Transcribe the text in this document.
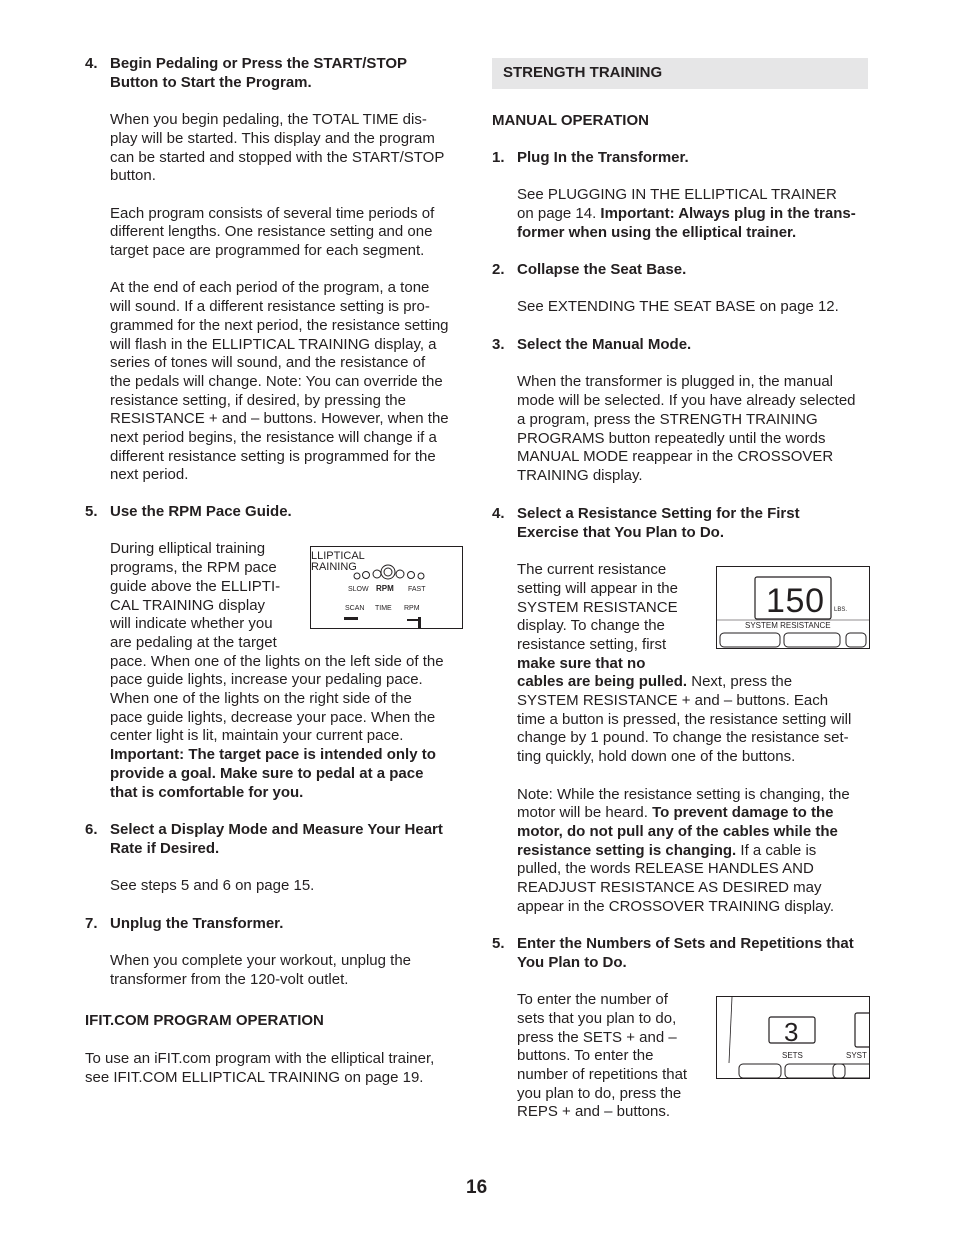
4. Begin Pedaling or Press the START/STOP

Button to Start the Program.

When you begin pedaling, the TOTAL TIME dis-

play will be started. This display and the program

can be started and stopped with the START/STOP

button.

Each program consists of several time periods of

different lengths. One resistance setting and one

target pace are programmed for each segment.

At the end of each period of the program, a tone

will sound. If a different resistance setting is pro-

grammed for the next period, the resistance setting

will flash in the ELLIPTICAL TRAINING display, a

series of tones will sound, and the resistance of

the pedals will change. Note: You can override the

resistance setting, if desired, by pressing the

RESISTANCE + and – buttons. However, when the

next period begins, the resistance will change if a

different resistance setting is programmed for the

next period.

5. Use the RPM Pace Guide.

During elliptical training

programs, the RPM pace

guide above the ELLIPTI-

CAL TRAINING display

will indicate whether you

are pedaling at the target

pace. When one of the lights on the left side of the

pace guide lights, increase your pedaling pace.

When one of the lights on the right side of the

pace guide lights, decrease your pace. When the

center light is lit, maintain your current pace.

Important: The target pace is intended only to

provide a goal. Make sure to pedal at a pace

that is comfortable for you.

6. Select a Display Mode and Measure Your Heart

Rate if Desired.

See steps 5 and 6 on page 15.

7. Unplug the Transformer.

When you complete your workout, unplug the

transformer from the 120-volt outlet.

IFIT.COM PROGRAM OPERATION

To use an iFIT.com program with the elliptical trainer,

see IFIT.COM ELLIPTICAL TRAINING on page 19.

LLIPTICAL
RAINING
SLOW RPM FAST
SCAN TIME RPM
STRENGTH TRAINING
MANUAL OPERATION
1. Plug In the Transformer.

See PLUGGING IN THE ELLIPTICAL TRAINER

on page 14. Important: Always plug in the trans-

former when using the elliptical trainer.

2. Collapse the Seat Base.

See EXTENDING THE SEAT BASE on page 12.

3. Select the Manual Mode.

When the transformer is plugged in, the manual

mode will be selected. If you have already selected

a program, press the STRENGTH TRAINING

PROGRAMS button repeatedly until the words

MANUAL MODE reappear in the CROSSOVER

TRAINING display.

4. Select a Resistance Setting for the First

Exercise that You Plan to Do.

The current resistance

setting will appear in the

SYSTEM RESISTANCE

display. To change the

resistance setting, first

make sure that no

cables are being pulled. Next, press the

SYSTEM RESISTANCE + and – buttons. Each

time a button is pressed, the resistance setting will

change by 1 pound. To change the resistance set-

ting quickly, hold down one of the buttons.

Note: While the resistance setting is changing, the

motor will be heard. To prevent damage to the

motor, do not pull any of the cables while the

resistance setting is changing. If a cable is

pulled, the words RELEASE HANDLES AND

READJUST RESISTANCE AS DESIRED may

appear in the CROSSOVER TRAINING display.

5. Enter the Numbers of Sets and Repetitions that

You Plan to Do.

To enter the number of

sets that you plan to do,

press the SETS + and –

buttons. To enter the

number of repetitions that

you plan to do, press the

REPS + and – buttons.

150 LBS.
SYSTEM RESISTANCE
3
SETS	SYST
16
